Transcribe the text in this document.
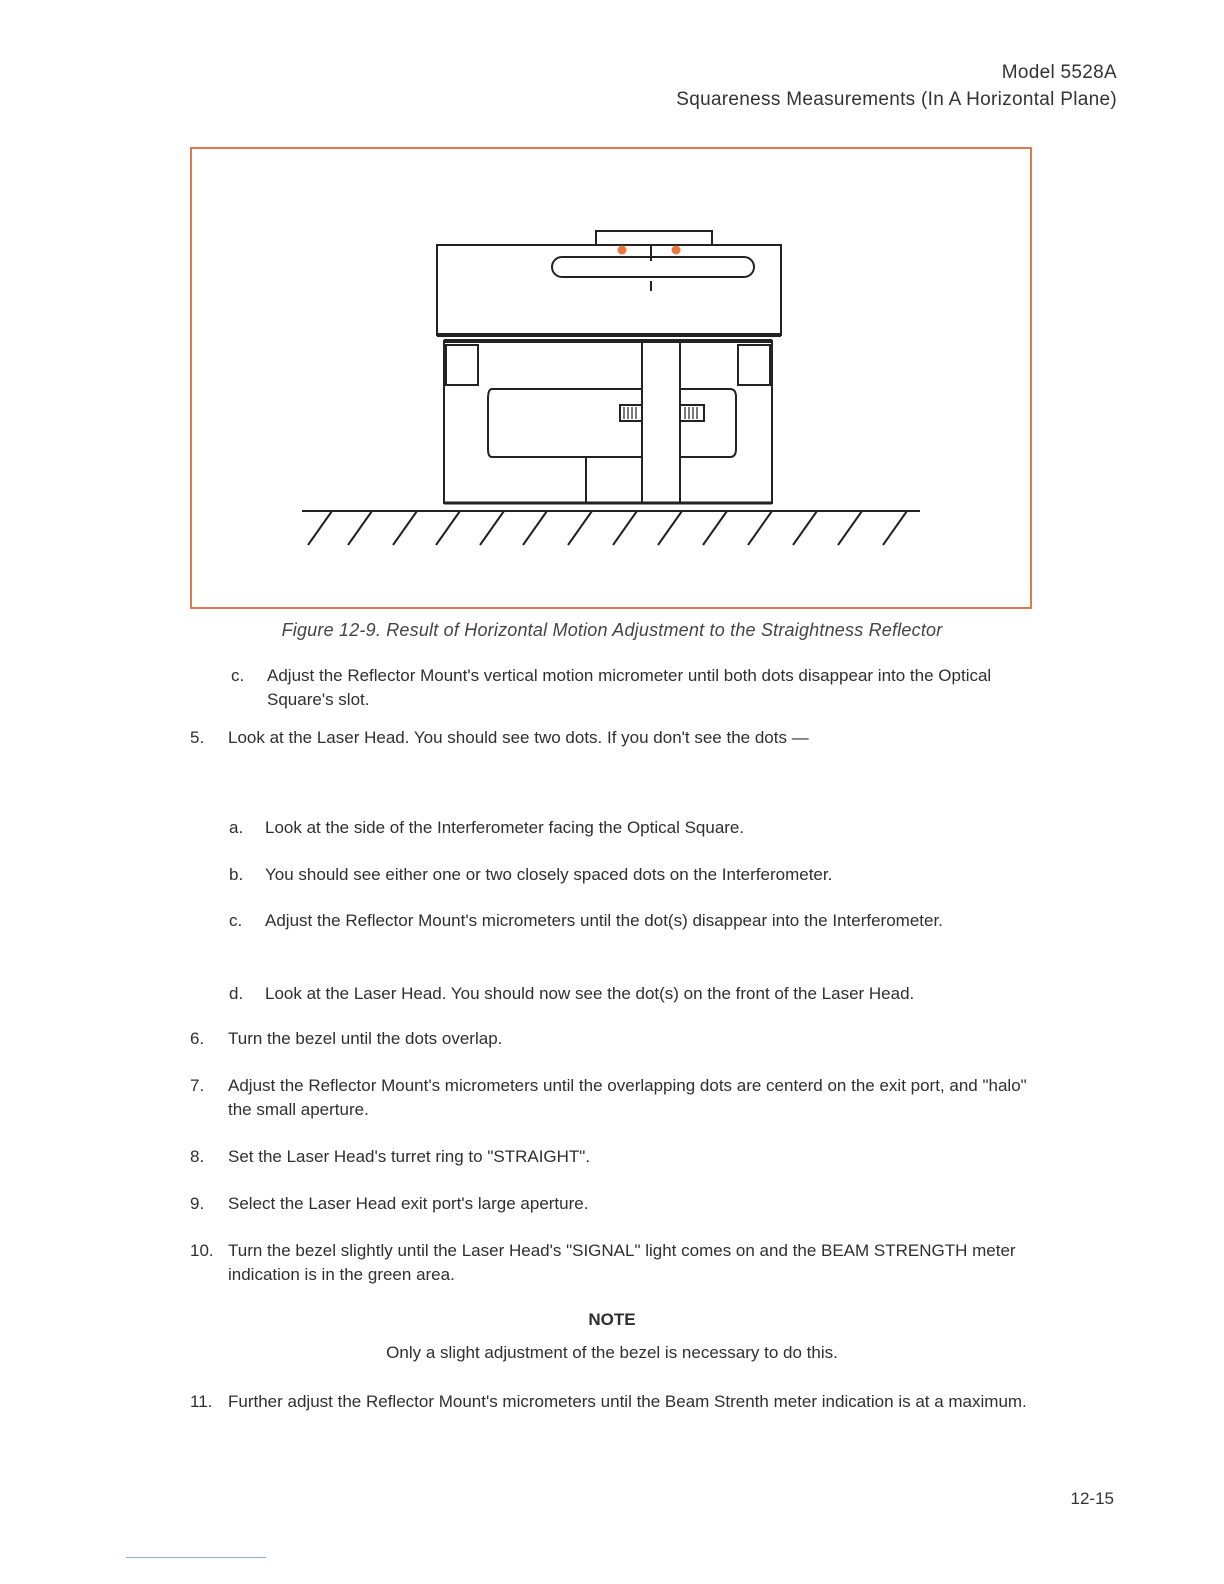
Model 5528A
Squareness Measurements (In A Horizontal Plane)
Figure 12-9. Result of Horizontal Motion Adjustment to the Straightness Reflector
c.	Adjust the Reflector Mount's vertical motion micrometer until both dots disappear into the Optical Square's slot.
5.	Look at the Laser Head. You should see two dots. If you don't see the dots —
a.	Look at the side of the Interferometer facing the Optical Square.
b.	You should see either one or two closely spaced dots on the Interferometer.
c.	Adjust the Reflector Mount's micrometers until the dot(s) disappear into the Interferometer.
d.	Look at the Laser Head. You should now see the dot(s) on the front of the Laser Head.
6.	Turn the bezel until the dots overlap.
7.	Adjust the Reflector Mount's micrometers until the overlapping dots are centerd on the exit port, and "halo" the small aperture.
8.	Set the Laser Head's turret ring to "STRAIGHT".
9.	Select the Laser Head exit port's large aperture.
10. Turn the bezel slightly until the Laser Head's "SIGNAL" light comes on and the BEAM STRENGTH meter indication is in the green area.
NOTE
Only a slight adjustment of the bezel is necessary to do this.
11. Further adjust the Reflector Mount's micrometers until the Beam Strenth meter indication is at a maximum.
12-15
